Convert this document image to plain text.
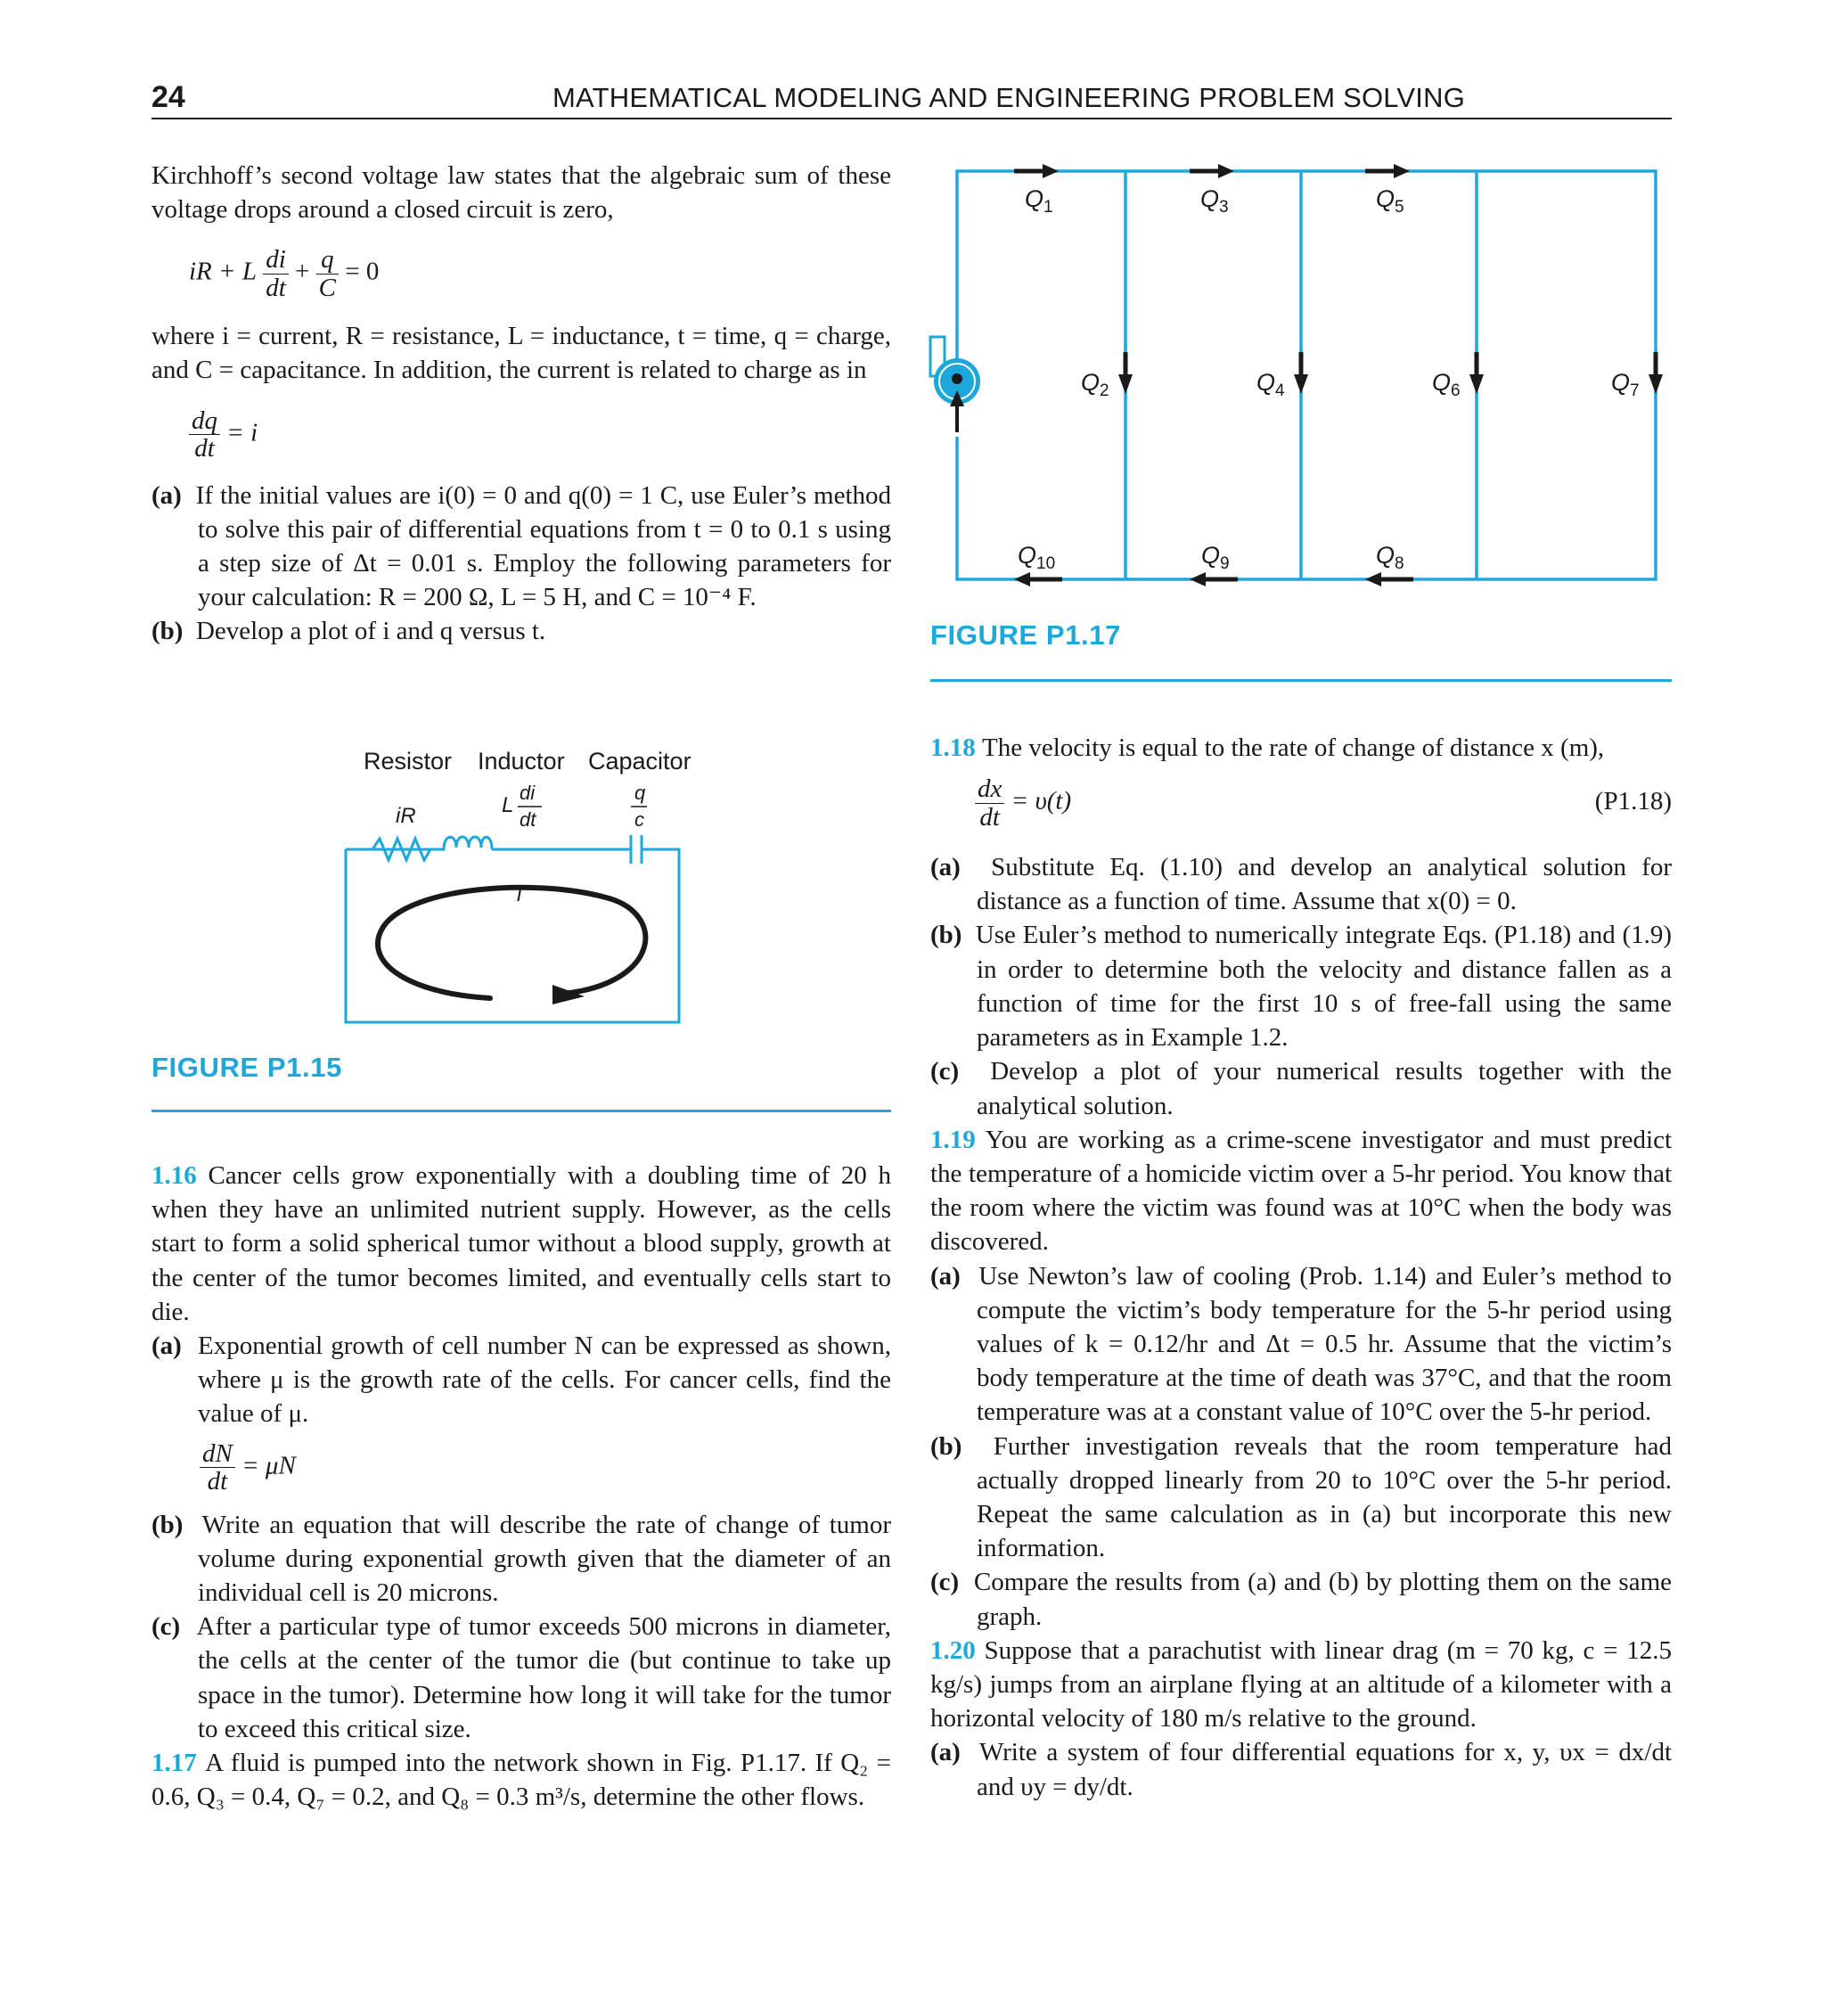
24	MATHEMATICAL MODELING AND ENGINEERING PROBLEM SOLVING

Kirchhoff’s second voltage law states that the algebraic sum of these voltage drops around a closed circuit is zero,

iR + L $\frac{di}{dt} + \frac{q}{C} = 0$

where i = current, R = resistance, L = inductance, t = time, q = charge, and C = capacitance. In addition, the current is related to charge as in

$\frac{dq}{dt} = i$

(a) If the initial values are i(0) = 0 and q(0) = 1 C, use Euler’s method to solve this pair of differential equations from t = 0 to 0.1 s using a step size of Δt = 0.01 s. Employ the following parameters for your calculation: R = 200 Ω, L = 5 H, and C = 10⁻⁴ F.

(b) Develop a plot of i and q versus t.

Resistor Inductor Capacitor
iR	L
di
dt
q
c
i
FIGURE P1.15

1.16 Cancer cells grow exponentially with a doubling time of 20 h when they have an unlimited nutrient supply. However, as the cells start to form a solid spherical tumor without a blood supply, growth at the center of the tumor becomes limited, and eventually cells start to die.

(a) Exponential growth of cell number N can be expressed as shown, where μ is the growth rate of the cells. For cancer cells, find the value of μ.

$\frac{dN}{dt} = \mu N$

(b) Write an equation that will describe the rate of change of tumor volume during exponential growth given that the diameter of an individual cell is 20 microns.

(c) After a particular type of tumor exceeds 500 microns in diameter, the cells at the center of the tumor die (but continue to take up space in the tumor). Determine how long it will take for the tumor to exceed this critical size.

1.17 A fluid is pumped into the network shown in Fig. P1.17. If Q₂ = 0.6, Q₃ = 0.4, Q₇ = 0.2, and Q₈ = 0.3 m³/s, determine the other flows.

$Q_1$	$Q_3$	$Q_5$
$Q_2$	$Q_4$	$Q_6$	$Q_7$
$Q_{10}$	$Q_9$	$Q_8$
FIGURE P1.17

1.18 The velocity is equal to the rate of change of distance x (m),

$\frac{dx}{dt} = \upsilon(t)$	(P1.18)

(a) Substitute Eq. (1.10) and develop an analytical solution for distance as a function of time. Assume that x(0) = 0.

(b) Use Euler’s method to numerically integrate Eqs. (P1.18) and (1.9) in order to determine both the velocity and distance fallen as a function of time for the first 10 s of free-fall using the same parameters as in Example 1.2.

(c) Develop a plot of your numerical results together with the analytical solution.

1.19 You are working as a crime-scene investigator and must predict the temperature of a homicide victim over a 5-hr period. You know that the room where the victim was found was at 10°C when the body was discovered.

(a) Use Newton’s law of cooling (Prob. 1.14) and Euler’s method to compute the victim’s body temperature for the 5-hr period using values of k = 0.12/hr and Δt = 0.5 hr. Assume that the victim’s body temperature at the time of death was 37°C, and that the room temperature was at a constant value of 10°C over the 5-hr period.

(b) Further investigation reveals that the room temperature had actually dropped linearly from 20 to 10°C over the 5-hr period. Repeat the same calculation as in (a) but incorporate this new information.

(c) Compare the results from (a) and (b) by plotting them on the same graph.

1.20 Suppose that a parachutist with linear drag (m = 70 kg, c = 12.5 kg/s) jumps from an airplane flying at an altitude of a kilometer with a horizontal velocity of 180 m/s relative to the ground.

(a) Write a system of four differential equations for x, y, υx = dx/dt and υy = dy/dt.
